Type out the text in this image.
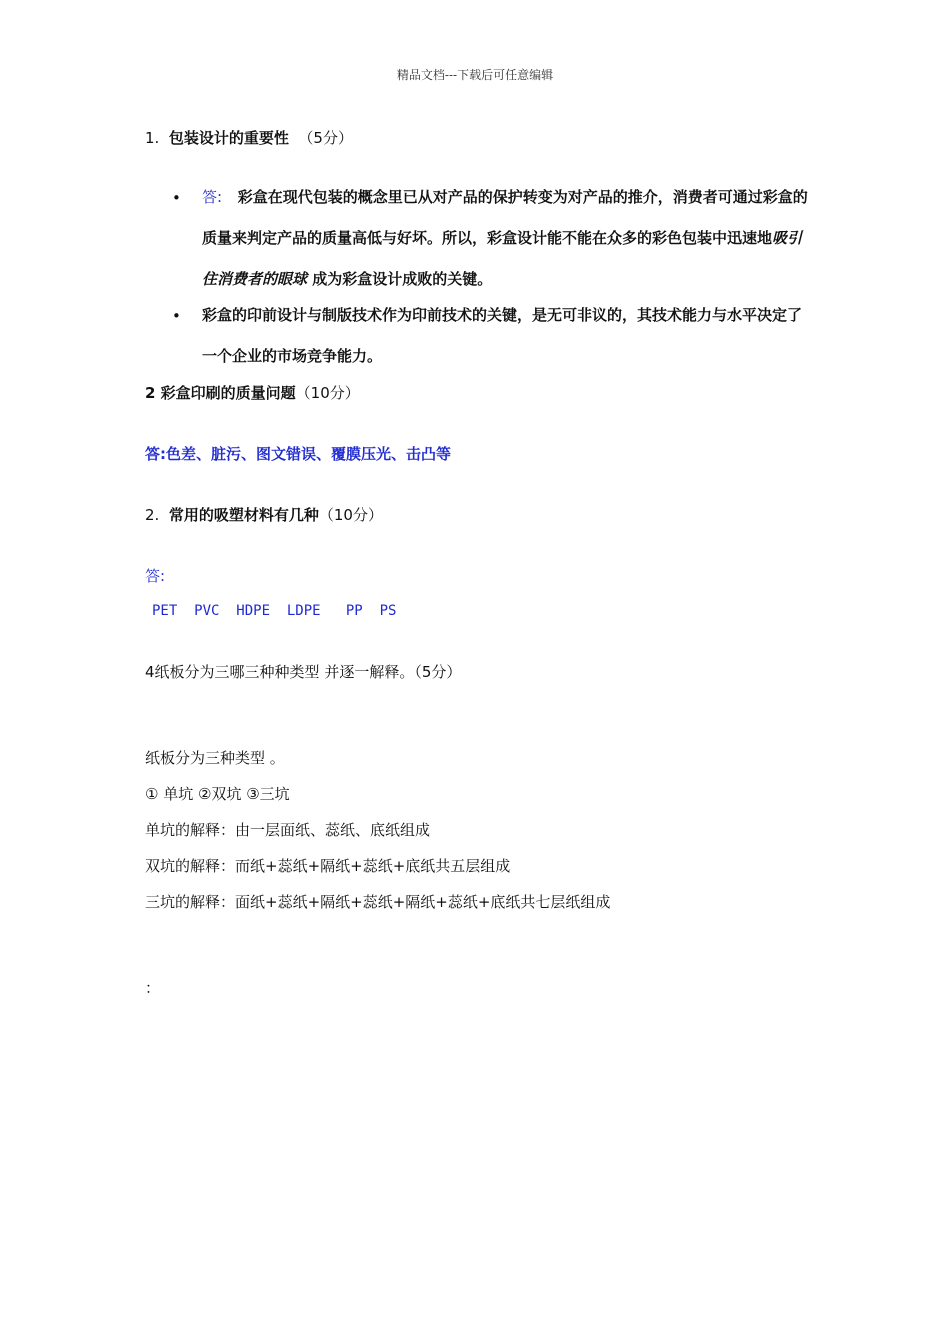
精品文档---下载后可任意编辑
1. 包装设计的重要性 （5分）
• 答: 彩盒在现代包装的概念里已从对产品的保护转变为对产品的推介，消费者可通过彩盒的质量来判定产品的质量高低与好坏。所以，彩盒设计能不能在众多的彩色包装中迅速地吸引住消费者的眼球 成为彩盒设计成败的关键。
• 彩盒的印前设计与制版技术作为印前技术的关键，是无可非议的，其技术能力与水平决定了一个企业的市场竞争能力。
2 彩盒印刷的质量问题（10分）
答:色差、脏污、图文错误、覆膜压光、击凸等
2. 常用的吸塑材料有几种（10分）
答:
PET  PVC  HDPE  LDPE   PP  PS
4纸板分为三哪三种种类型 并逐一解释。（5分）
纸板分为三种类型 。
① 单坑 ②双坑 ③三坑
单坑的解释：由一层面纸、蕊纸、底纸组成
双坑的解释：而纸+蕊纸+隔纸+蕊纸+底纸共五层组成
三坑的解释：面纸+蕊纸+隔纸+蕊纸+隔纸+蕊纸+底纸共七层纸组成
：
